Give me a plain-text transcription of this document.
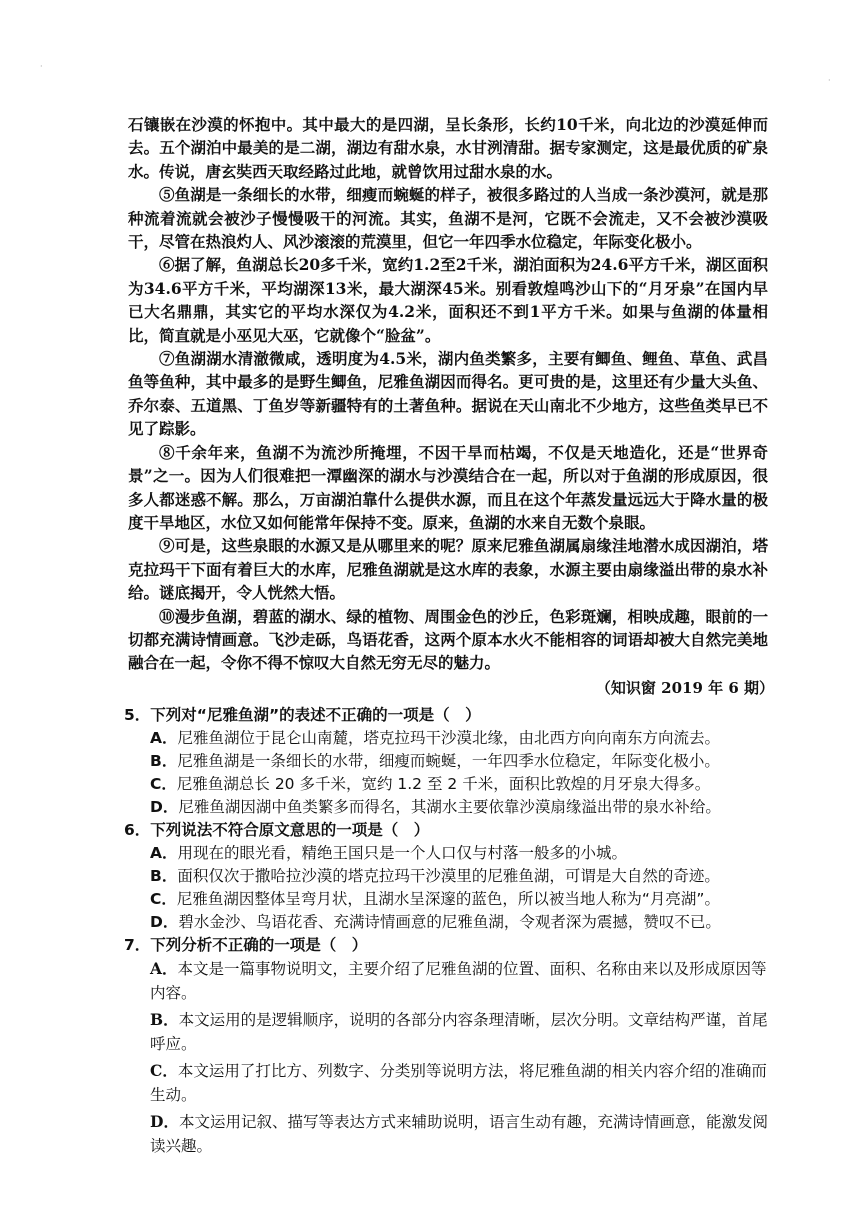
·
·

石镶嵌在沙漠的怀抱中。其中最大的是四湖，呈长条形，长约10千米，向北边的沙漠延伸而去。五个湖泊中最美的是二湖，湖边有甜水泉，水甘洌清甜。据专家测定，这是最优质的矿泉水。传说，唐玄奘西天取经路过此地，就曾饮用过甜水泉的水。

⑤鱼湖是一条细长的水带，细瘦而蜿蜒的样子，被很多路过的人当成一条沙漠河，就是那种流着流就会被沙子慢慢吸干的河流。其实，鱼湖不是河，它既不会流走，又不会被沙漠吸干，尽管在热浪灼人、风沙滚滚的荒漠里，但它一年四季水位稳定，年际变化极小。

⑥据了解，鱼湖总长20多千米，宽约1.2至2千米，湖泊面积为24.6平方千米，湖区面积为34.6平方千米，平均湖深13米，最大湖深45米。别看敦煌鸣沙山下的“月牙泉”在国内早已大名鼎鼎，其实它的平均水深仅为4.2米，面积还不到1平方千米。如果与鱼湖的体量相比，简直就是小巫见大巫，它就像个“脸盆”。

⑦鱼湖湖水清澈微咸，透明度为4.5米，湖内鱼类繁多，主要有鲫鱼、鲤鱼、草鱼、武昌鱼等鱼种，其中最多的是野生鲫鱼，尼雅鱼湖因而得名。更可贵的是，这里还有少量大头鱼、乔尔泰、五道黑、丁鱼岁等新疆特有的土著鱼种。据说在天山南北不少地方，这些鱼类早已不见了踪影。

⑧千余年来，鱼湖不为流沙所掩埋，不因干旱而枯竭，不仅是天地造化，还是“世界奇景”之一。因为人们很难把一潭幽深的湖水与沙漠结合在一起，所以对于鱼湖的形成原因，很多人都迷惑不解。那么，万亩湖泊靠什么提供水源，而且在这个年蒸发量远远大于降水量的极度干旱地区，水位又如何能常年保持不变。原来，鱼湖的水来自无数个泉眼。

⑨可是，这些泉眼的水源又是从哪里来的呢？原来尼雅鱼湖属扇缘洼地潜水成因湖泊，塔克拉玛干下面有着巨大的水库，尼雅鱼湖就是这水库的表象，水源主要由扇缘溢出带的泉水补给。谜底揭开，令人恍然大悟。

⑩漫步鱼湖，碧蓝的湖水、绿的植物、周围金色的沙丘，色彩斑斓，相映成趣，眼前的一切都充满诗情画意。飞沙走砾，鸟语花香，这两个原本水火不能相容的词语却被大自然完美地融合在一起，令你不得不惊叹大自然无穷无尽的魅力。

（知识窗 2019 年 6 期）

5．下列对“尼雅鱼湖”的表述不正确的一项是（　）

A．尼雅鱼湖位于昆仑山南麓，塔克拉玛干沙漠北缘，由北西方向向南东方向流去。

B．尼雅鱼湖是一条细长的水带，细瘦而蜿蜒，一年四季水位稳定，年际变化极小。

C．尼雅鱼湖总长 20 多千米，宽约 1.2 至 2 千米，面积比敦煌的月牙泉大得多。

D．尼雅鱼湖因湖中鱼类繁多而得名，其湖水主要依靠沙漠扇缘溢出带的泉水补给。

6．下列说法不符合原文意思的一项是（　）

A．用现在的眼光看，精绝王国只是一个人口仅与村落一般多的小城。

B．面积仅次于撒哈拉沙漠的塔克拉玛干沙漠里的尼雅鱼湖，可谓是大自然的奇迹。

C．尼雅鱼湖因整体呈弯月状，且湖水呈深邃的蓝色，所以被当地人称为“月亮湖”。

D．碧水金沙、鸟语花香、充满诗情画意的尼雅鱼湖，令观者深为震撼，赞叹不已。

7．下列分析不正确的一项是（　）

A．本文是一篇事物说明文，主要介绍了尼雅鱼湖的位置、面积、名称由来以及形成原因等内容。

B．本文运用的是逻辑顺序，说明的各部分内容条理清晰，层次分明。文章结构严谨，首尾呼应。

C．本文运用了打比方、列数字、分类别等说明方法，将尼雅鱼湖的相关内容介绍的准确而生动。

D．本文运用记叙、描写等表达方式来辅助说明，语言生动有趣，充满诗情画意，能激发阅读兴趣。
